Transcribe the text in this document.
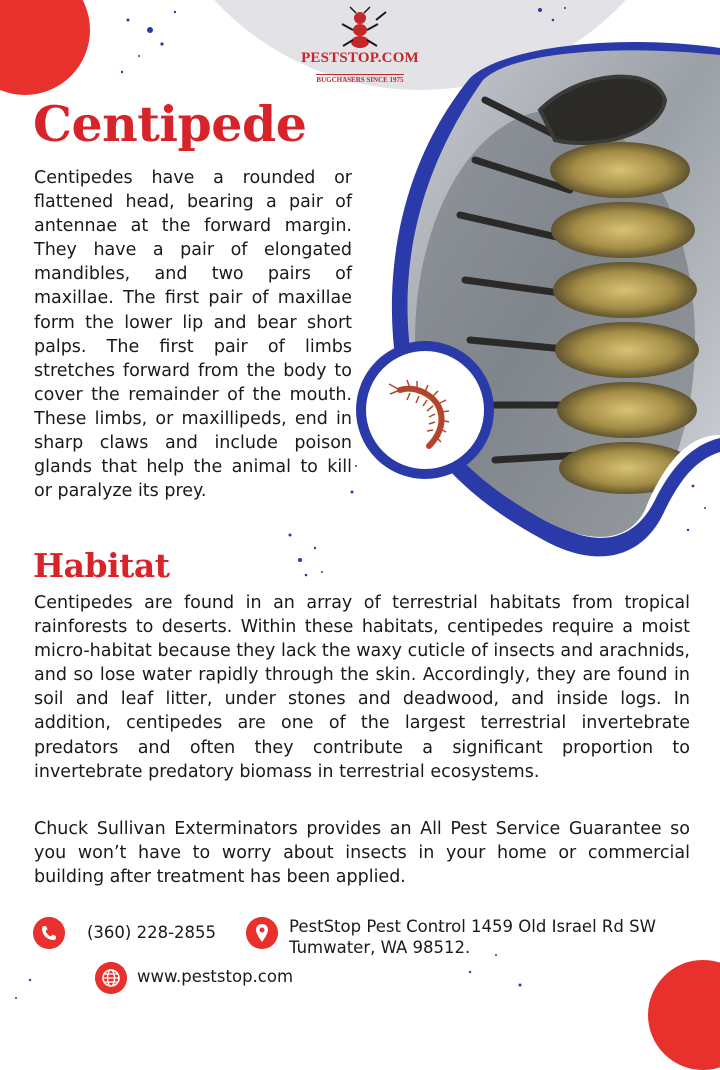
PESTSTOP.COM
BUGCHASERS SINCE 1975
Centipede
Centipedes have a rounded or flattened head, bearing a pair of antennae at the forward margin. They have a pair of elongated mandibles, and two pairs of maxillae. The first pair of maxillae form the lower lip and bear short palps. The first pair of limbs stretches forward from the body to cover the remainder of the mouth. These limbs, or maxillipeds, end in sharp claws and include poison glands that help the animal to kill or paralyze its prey.
Habitat
Centipedes are found in an array of terrestrial habitats from tropical rainforests to deserts. Within these habitats, centipedes require a moist micro-habitat because they lack the waxy cuticle of insects and arachnids, and so lose water rapidly through the skin. Accordingly, they are found in soil and leaf litter, under stones and deadwood, and inside logs. In addition, centipedes are one of the largest terrestrial invertebrate predators and often they contribute a significant proportion to invertebrate predatory biomass in terrestrial ecosystems.
Chuck Sullivan Exterminators provides an All Pest Service Guarantee so you won’t have to worry about insects in your home or commercial building after treatment has been applied.
(360) 228-2855	PestStop Pest Control 1459 Old Israel Rd SW
Tumwater, WA 98512.
www.peststop.com
